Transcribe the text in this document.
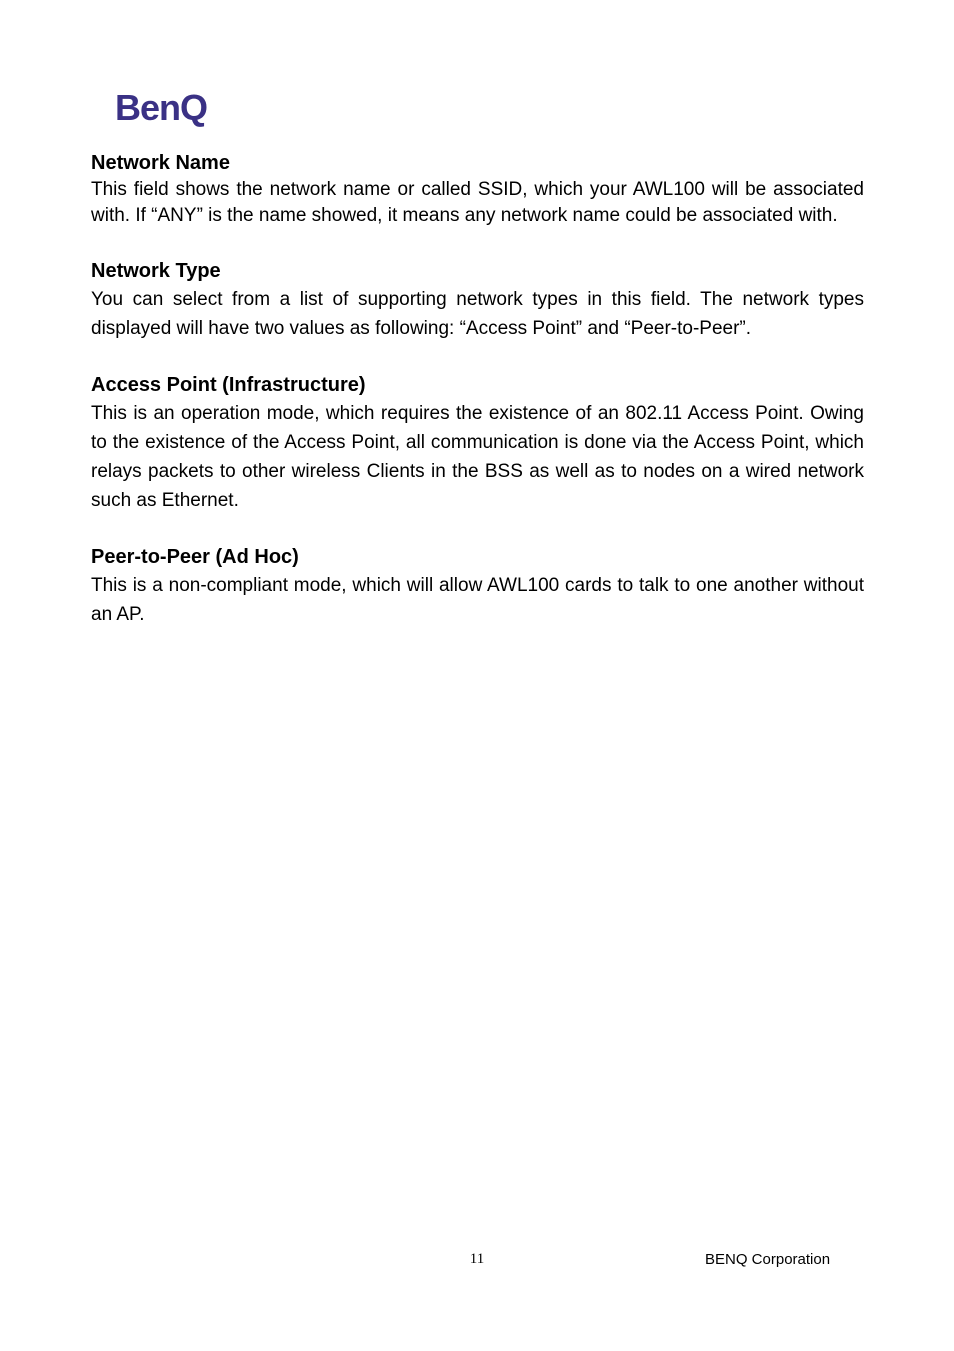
BenQ

Network Name

This field shows the network name or called SSID, which your AWL100 will be associated with. If “ANY” is the name showed, it means any network name could be associated with.

Network Type

You can select from a list of supporting network types in this field. The network types displayed will have two values as following: “Access Point” and “Peer-to-Peer”.

Access Point (Infrastructure)

This is an operation mode, which requires the existence of an 802.11 Access Point. Owing to the existence of the Access Point, all communication is done via the Access Point, which relays packets to other wireless Clients in the BSS as well as to nodes on a wired network such as Ethernet.

Peer-to-Peer (Ad Hoc)

This is a non-compliant mode, which will allow AWL100 cards to talk to one another without an AP.

11	BENQ Corporation
